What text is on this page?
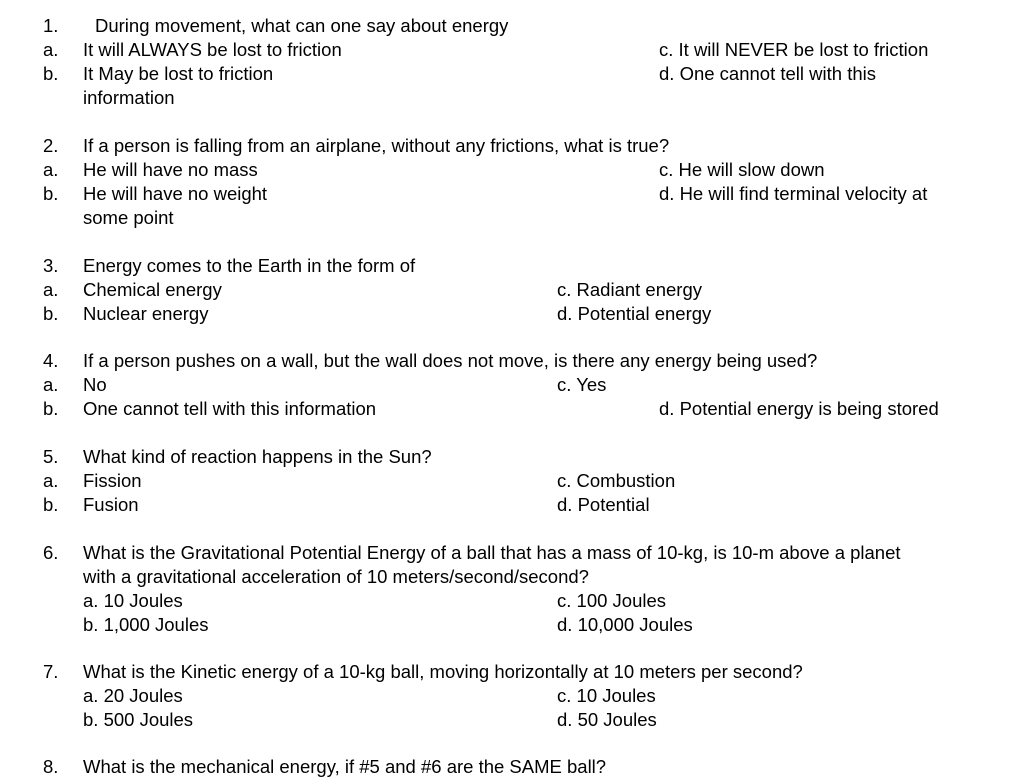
1. During movement, what can one say about energy
a. It will ALWAYS be lost to friction	c. It will NEVER be lost to friction
b. It May be lost to friction	d. One cannot tell with this
information
2. If a person is falling from an airplane, without any frictions, what is true?
a. He will have no mass	c. He will slow down
b. He will have no weight	d. He will find terminal velocity at
some point
3. Energy comes to the Earth in the form of
a. Chemical energy	c. Radiant energy
b. Nuclear energy	d. Potential energy
4. If a person pushes on a wall, but the wall does not move, is there any energy being used?
a. No	c. Yes
b. One cannot tell with this information	d. Potential energy is being stored
5. What kind of reaction happens in the Sun?
a. Fission	c. Combustion
b. Fusion	d. Potential
6. What is the Gravitational Potential Energy of a ball that has a mass of 10-kg, is 10-m above a planet
with a gravitational acceleration of 10 meters/second/second?
a. 10 Joules	c. 100 Joules
b. 1,000 Joules	d. 10,000 Joules
7. What is the Kinetic energy of a 10-kg ball, moving horizontally at 10 meters per second?
a. 20 Joules	c. 10 Joules
b. 500 Joules	d. 50 Joules
8. What is the mechanical energy, if #5 and #6 are the SAME ball?
